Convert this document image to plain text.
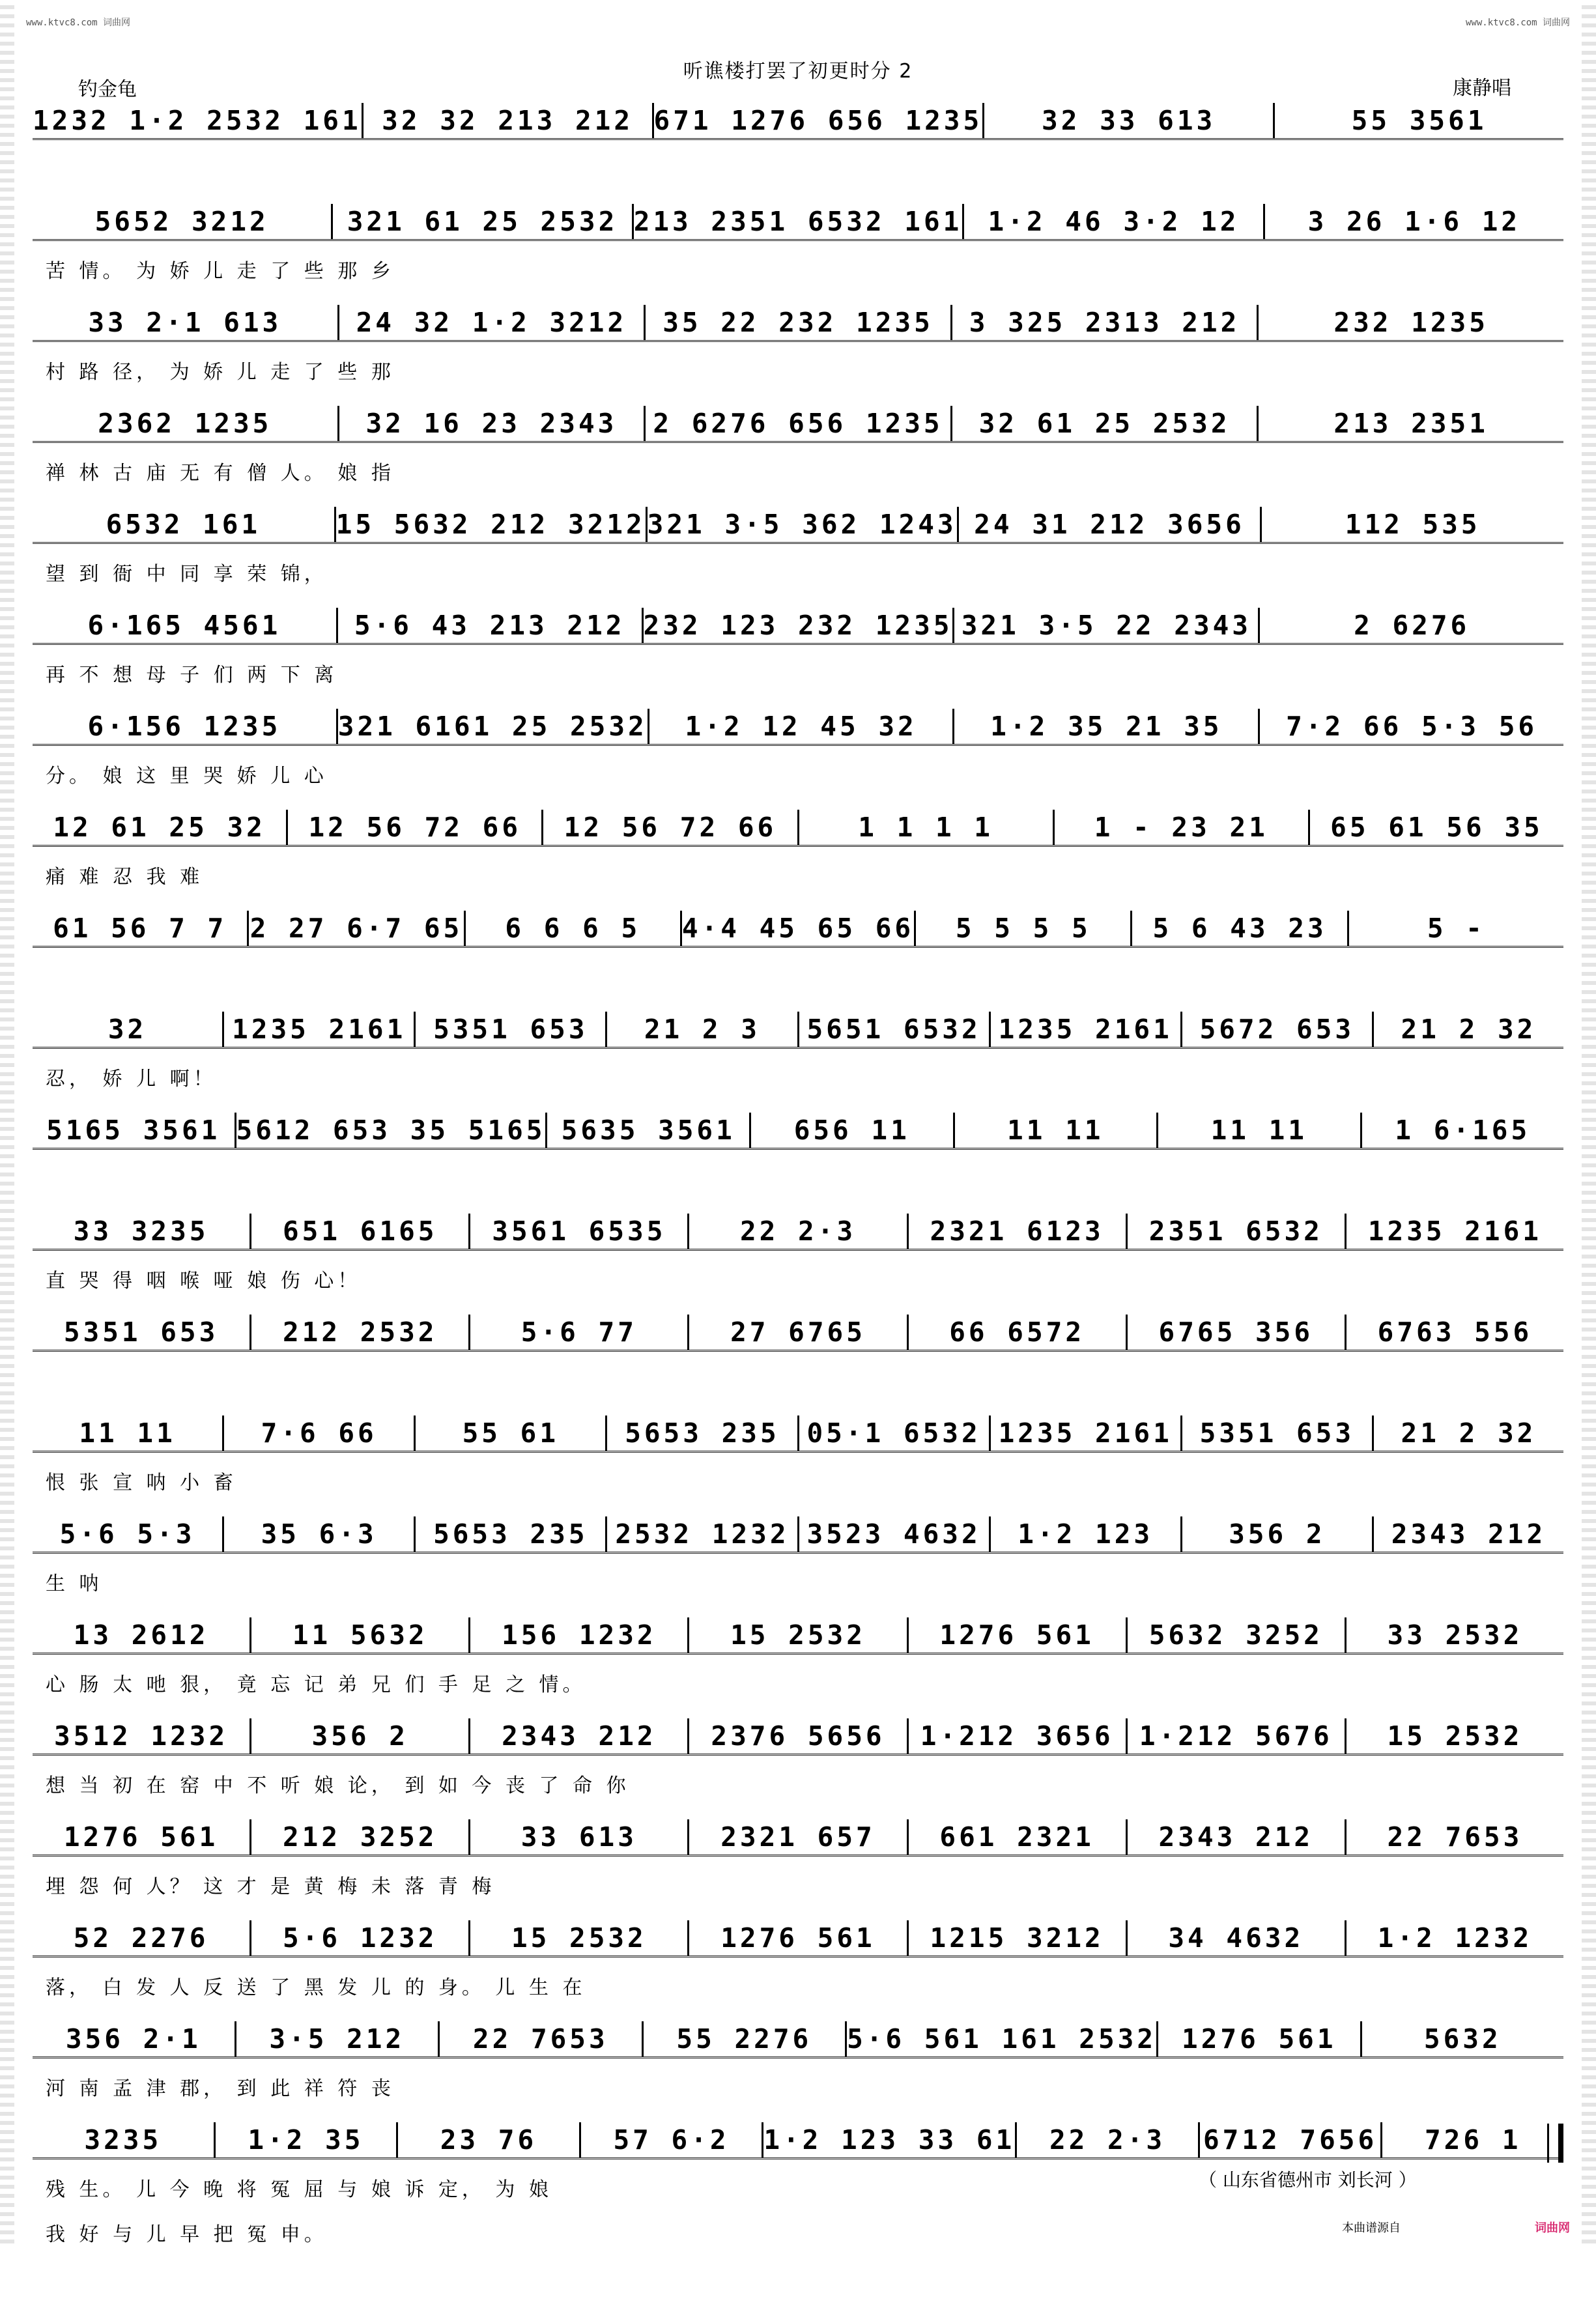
www.ktvc8.com 词曲网	www.ktvc8.com 词曲网
听谯楼打罢了初更时分 2
钓金龟	康静唱
1232 1·2 2532 161 32 32 213 212 671 1276 656 1235	32 33 613	55 3561
5652 3212	321 61 25 2532 213 2351 6532 161 1·2 46 3·2 12	3 26 1·6 12
苦 情。 为 娇 儿 走 了 些 那 乡
33 2·1 613	24 32 1·2 3212	35 22 232 1235	3 325 2313 212	232 1235
村 路 径， 为 娇 儿 走 了 些 那
2362 1235	32 16 23 2343	2 6276 656 1235	32 61 25 2532	213 2351
禅 林 古 庙 无 有 僧 人。 娘 指
6532 161	15 5632 212 3212 321 3·5 362 1243 24 31 212 3656	112 535
望 到 衙 中 同 享 荣 锦，
6·165 4561	5·6 43 213 212 232 123 232 1235 321 3·5 22 2343	2 6276
再 不 想 母 子 们 两 下 离
6·156 1235	321 6161 25 2532	1·2 12 45 32	1·2 35 21 35	7·2 66 5·3 56
分。 娘 这 里 哭 娇 儿 心
12 61 25 32	12 56 72 66	12 56 72 66	1 1 1 1	1 - 23 21	65 61 56 35
痛 难 忍 我 难
61 56 7 7 2 27 6·7 65	6 6 6 5	4·4 45 65 66	5 5 5 5	5 6 43 23	5 -
32	1235 2161	5351 653	21 2 3	5651 6532 1235 2161	5672 653	21 2 32
忍， 娇 儿 啊！
5165 3561 5612 653 35 5165 5635 3561	656 11	11 11	11 11	1 6·165
33 3235	651 6165	3561 6535	22 2·3	2321 6123	2351 6532	1235 2161
直 哭 得 咽 喉 哑 娘 伤 心！
5351 653	212 2532	5·6 77	27 6765	66 6572	6765 356	6763 556
11 11	7·6 66	55 61	5653 235	05·1 6532 1235 2161	5351 653	21 2 32
恨 张 宣 呐 小 畜
5·6 5·3	35 6·3	5653 235	2532 1232 3523 4632	1·2 123	356 2	2343 212
生 呐
13 2612	11 5632	156 1232	15 2532	1276 561	5632 3252	33 2532
心 肠 太 吔 狠， 竟 忘 记 弟 兄 们 手 足 之 情。
3512 1232	356 2	2343 212	2376 5656	1·212 3656 1·212 5676	15 2532
想 当 初 在 窑 中 不 听 娘 论， 到 如 今 丧 了 命 你
1276 561	212 3252	33 613	2321 657	661 2321	2343 212	22 7653
埋 怨 何 人？ 这 才 是 黄 梅 未 落 青 梅
52 2276	5·6 1232	15 2532	1276 561	1215 3212	34 4632	1·2 1232
落， 白 发 人 反 送 了 黑 发 儿 的 身。 儿 生 在
356 2·1	3·5 212	22 7653	55 2276	5·6 561 161 2532 1276 561	5632
河 南 孟 津 郡， 到 此 祥 符 丧
3235	1·2 35	23 76	57 6·2	1·2 123 33 61	22 2·3	6712 7656	726 1
残 生。 儿 今 晚 将 冤 屈 与 娘 诉 定， 为 娘
我 好 与 儿 早 把 冤 申。
（ 山东省德州市 刘长河 ）
本曲谱源自	词曲网
